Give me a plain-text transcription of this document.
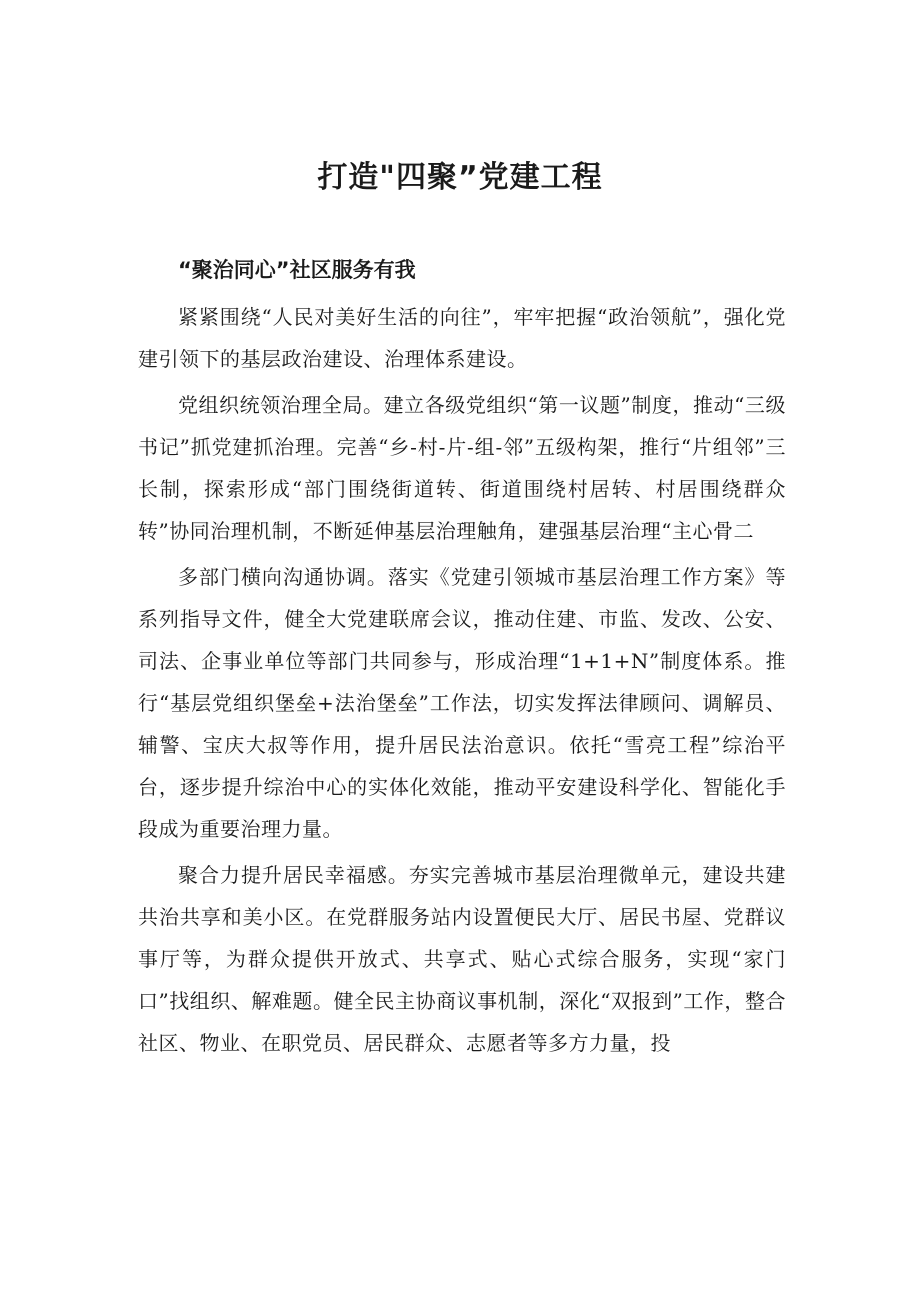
打造"四聚”党建工程
“聚治同心”社区服务有我

紧紧围绕“人民对美好生活的向往”，牢牢把握“政治领航”，强化党建引领下的基层政治建设、治理体系建设。

党组织统领治理全局。建立各级党组织“第一议题”制度，推动“三级书记”抓党建抓治理。完善“乡-村-片-组-邻”五级构架，推行“片组邻”三长制，探索形成“部门围绕街道转、街道围绕村居转、村居围绕群众转”协同治理机制，不断延伸基层治理触角，建强基层治理“主心骨二

多部门横向沟通协调。落实《党建引领城市基层治理工作方案》等系列指导文件，健全大党建联席会议，推动住建、市监、发改、公安、司法、企事业单位等部门共同参与，形成治理“1+1+N”制度体系。推行“基层党组织堡垒+法治堡垒”工作法，切实发挥法律顾问、调解员、辅警、宝庆大叔等作用，提升居民法治意识。依托“雪亮工程”综治平台，逐步提升综治中心的实体化效能，推动平安建设科学化、智能化手段成为重要治理力量。

聚合力提升居民幸福感。夯实完善城市基层治理微单元，建设共建共治共享和美小区。在党群服务站内设置便民大厅、居民书屋、党群议事厅等，为群众提供开放式、共享式、贴心式综合服务，实现“家门口”找组织、解难题。健全民主协商议事机制，深化“双报到”工作，整合社区、物业、在职党员、居民群众、志愿者等多方力量，投
